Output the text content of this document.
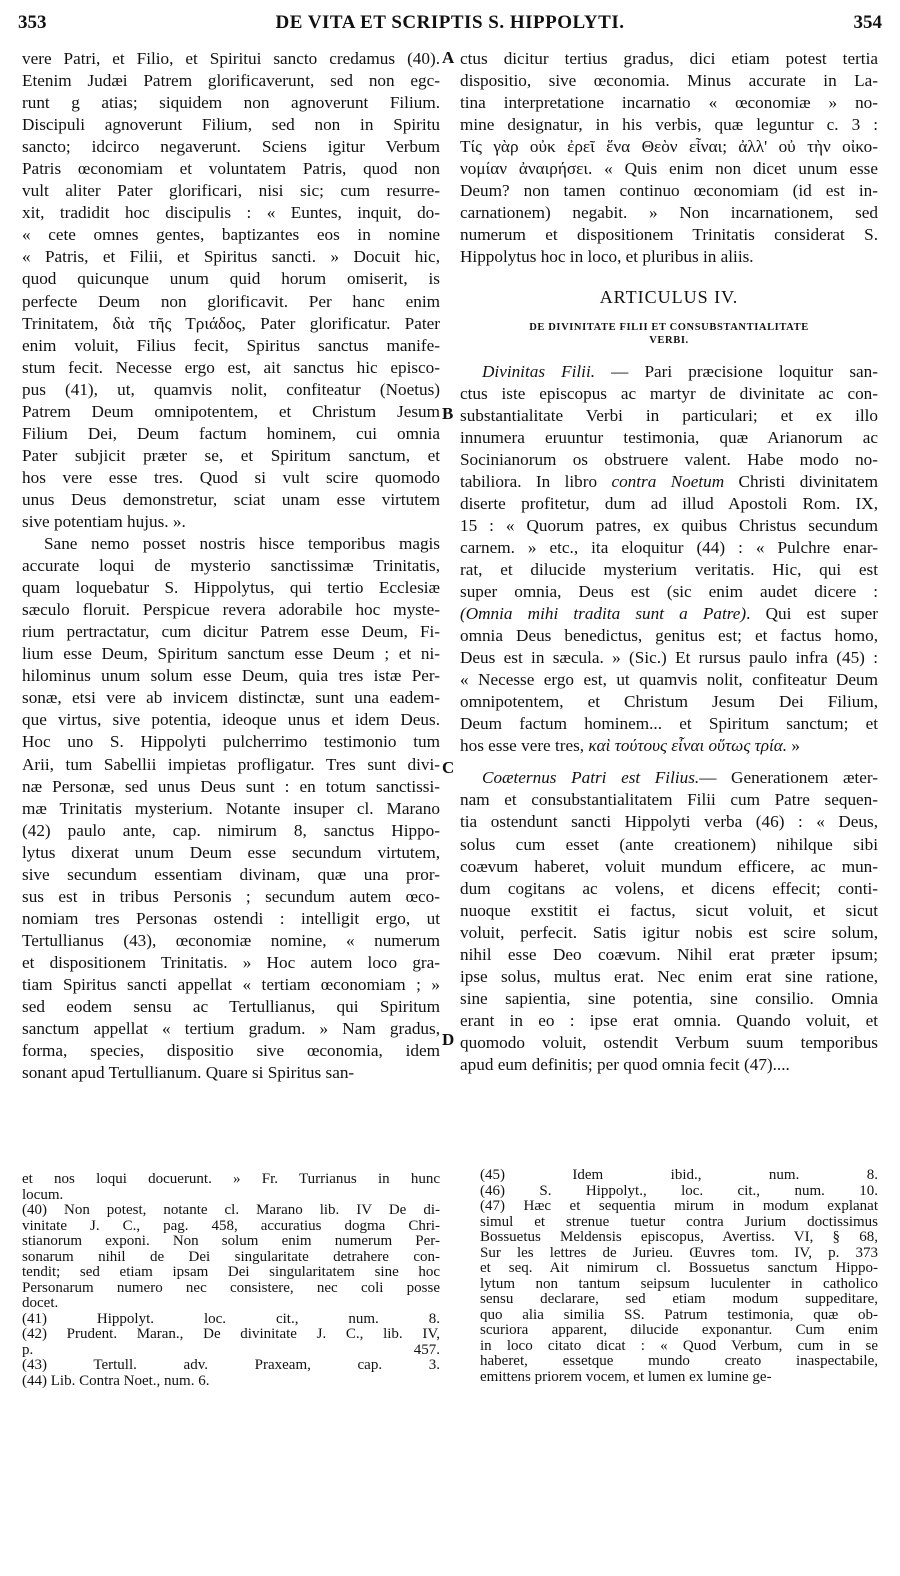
353	DE VITA ET SCRIPTIS S. HIPPOLYTI.	354
A
B
C
D

vere Patri, et Filio, et Spiritui sancto credamus (40).
Etenim Judæi Patrem glorificaverunt, sed non egc-
runt g atias; siquidem non agnoverunt Filium.
Discipuli agnoverunt Filium, sed non in Spiritu
sancto; idcirco negaverunt. Sciens igitur Verbum
Patris œconomiam et voluntatem Patris, quod non
vult aliter Pater glorificari, nisi sic; cum resurre-
xit, tradidit hoc discipulis : « Euntes, inquit, do-
« cete omnes gentes, baptizantes eos in nomine
« Patris, et Filii, et Spiritus sancti. » Docuit hic,
quod quicunque unum quid horum omiserit, is
perfecte Deum non glorificavit. Per hanc enim
Trinitatem, διὰ τῆς Τριάδος, Pater glorificatur. Pater
enim voluit, Filius fecit, Spiritus sanctus manife-
stum fecit. Necesse ergo est, ait sanctus hic episco-
pus (41), ut, quamvis nolit, confiteatur (Noetus)
Patrem Deum omnipotentem, et Christum Jesum
Filium Dei, Deum factum hominem, cui omnia
Pater subjicit præter se, et Spiritum sanctum, et
hos vere esse tres. Quod si vult scire quomodo
unus Deus demonstretur, sciat unam esse virtutem
sive potentiam hujus. ».

Sane nemo posset nostris hisce temporibus magis
accurate loqui de mysterio sanctissimæ Trinitatis,
quam loquebatur S. Hippolytus, qui tertio Ecclesiæ
sæculo floruit. Perspicue revera adorabile hoc myste-
rium pertractatur, cum dicitur Patrem esse Deum, Fi-
lium esse Deum, Spiritum sanctum esse Deum ; et ni-
hilominus unum solum esse Deum, quia tres istæ Per-
sonæ, etsi vere ab invicem distinctæ, sunt una eadem-
que virtus, sive potentia, ideoque unus et idem Deus.
Hoc uno S. Hippolyti pulcherrimo testimonio tum
Arii, tum Sabellii impietas profligatur. Tres sunt divi-
næ Personæ, sed unus Deus sunt : en totum sanctissi-
mæ Trinitatis mysterium. Notante insuper cl. Marano
(42) paulo ante, cap. nimirum 8, sanctus Hippo-
lytus dixerat unum Deum esse secundum virtutem,
sive secundum essentiam divinam, quæ una pror-
sus est in tribus Personis ; secundum autem œco-
nomiam tres Personas ostendi : intelligit ergo, ut
Tertullianus (43), œconomiæ nomine, « numerum
et dispositionem Trinitatis. » Hoc autem loco gra-
tiam Spiritus sancti appellat « tertiam œconomiam ; »
sed eodem sensu ac Tertullianus, qui Spiritum
sanctum appellat « tertium gradum. » Nam gradus,
forma, species, dispositio sive œconomia, idem
sonant apud Tertullianum. Quare si Spiritus san-

ctus dicitur tertius gradus, dici etiam potest tertia
dispositio, sive œconomia. Minus accurate in La-
tina interpretatione incarnatio « œconomiæ » no-
mine designatur, in his verbis, quæ leguntur c. 3 :
Τίς γὰρ οὐκ ἐρεῖ ἕνα Θεὸν εἶναι; ἀλλ' οὐ τὴν οἰκο-
νομίαν ἀναιρήσει. « Quis enim non dicet unum esse
Deum? non tamen continuo œconomiam (id est in-
carnationem) negabit. » Non incarnationem, sed
numerum et dispositionem Trinitatis considerat S.
Hippolytus hoc in loco, et pluribus in aliis.

ARTICULUS IV.
DE DIVINITATE FILII ET CONSUBSTANTIALITATE
VERBI.

Divinitas Filii. — Pari præcisione loquitur san-
ctus iste episcopus ac martyr de divinitate ac con-
substantialitate Verbi in particulari; et ex illo
innumera eruuntur testimonia, quæ Arianorum ac
Socinianorum os obstruere valent. Habe modo no-
tabiliora. In libro contra Noetum Christi divinitatem
diserte profitetur, dum ad illud Apostoli Rom. IX,
15 : « Quorum patres, ex quibus Christus secundum
carnem. » etc., ita eloquitur (44) : « Pulchre enar-
rat, et dilucide mysterium veritatis. Hic, qui est
super omnia, Deus est (sic enim audet dicere :
(Omnia mihi tradita sunt a Patre). Qui est super
omnia Deus benedictus, genitus est; et factus homo,
Deus est in sæcula. » (Sic.) Et rursus paulo infra (45) :
« Necesse ergo est, ut quamvis nolit, confiteatur Deum
omnipotentem, et Christum Jesum Dei Filium,
Deum factum hominem... et Spiritum sanctum; et
hos esse vere tres, καὶ τούτους εἶναι οὕτως τρία. »

Coæternus Patri est Filius.— Generationem æter-
nam et consubstantialitatem Filii cum Patre sequen-
tia ostendunt sancti Hippolyti verba (46) : « Deus,
solus cum esset (ante creationem) nihilque sibi
coævum haberet, voluit mundum efficere, ac mun-
dum cogitans ac volens, et dicens effecit; conti-
nuoque exstitit ei factus, sicut voluit, et sicut
voluit, perfecit. Satis igitur nobis est scire solum,
nihil esse Deo coævum. Nihil erat præter ipsum;
ipse solus, multus erat. Nec enim erat sine ratione,
sine sapientia, sine potentia, sine consilio. Omnia
erant in eo : ipse erat omnia. Quando voluit, et
quomodo voluit, ostendit Verbum suum temporibus
apud eum definitis; per quod omnia fecit (47)....

et nos loqui docuerunt. » Fr. Turrianus in hunc
locum.
(40) Non potest, notante cl. Marano lib. IV De di-
vinitate J. C., pag. 458, accuratius dogma Chri-
stianorum exponi. Non solum enim numerum Per-
sonarum nihil de Dei singularitate detrahere con-
tendit; sed etiam ipsam Dei singularitatem sine hoc
Personarum numero nec consistere, nec coli posse
docet.
(41) Hippolyt. loc. cit., num. 8.
(42) Prudent. Maran., De divinitate J. C., lib. IV,
p. 457.
(43) Tertull. adv. Praxeam, cap. 3.
(44) Lib. Contra Noet., num. 6.
(45) Idem ibid., num. 8.
(46) S. Hippolyt., loc. cit., num. 10.
(47) Hæc et sequentia mirum in modum explanat
simul et strenue tuetur contra Jurium doctissimus
Bossuetus Meldensis episcopus, Avertiss. VI, § 68,
Sur les lettres de Jurieu. Œuvres tom. IV, p. 373
et seq. Ait nimirum cl. Bossuetus sanctum Hippo-
lytum non tantum seipsum luculenter in catholico
sensu declarare, sed etiam modum suppeditare,
quo alia similia SS. Patrum testimonia, quæ ob-
scuriora apparent, dilucide exponantur. Cum enim
in loco citato dicat : « Quod Verbum, cum in se
haberet, essetque mundo creato inaspectabile,
emittens priorem vocem, et lumen ex lumine ge-
